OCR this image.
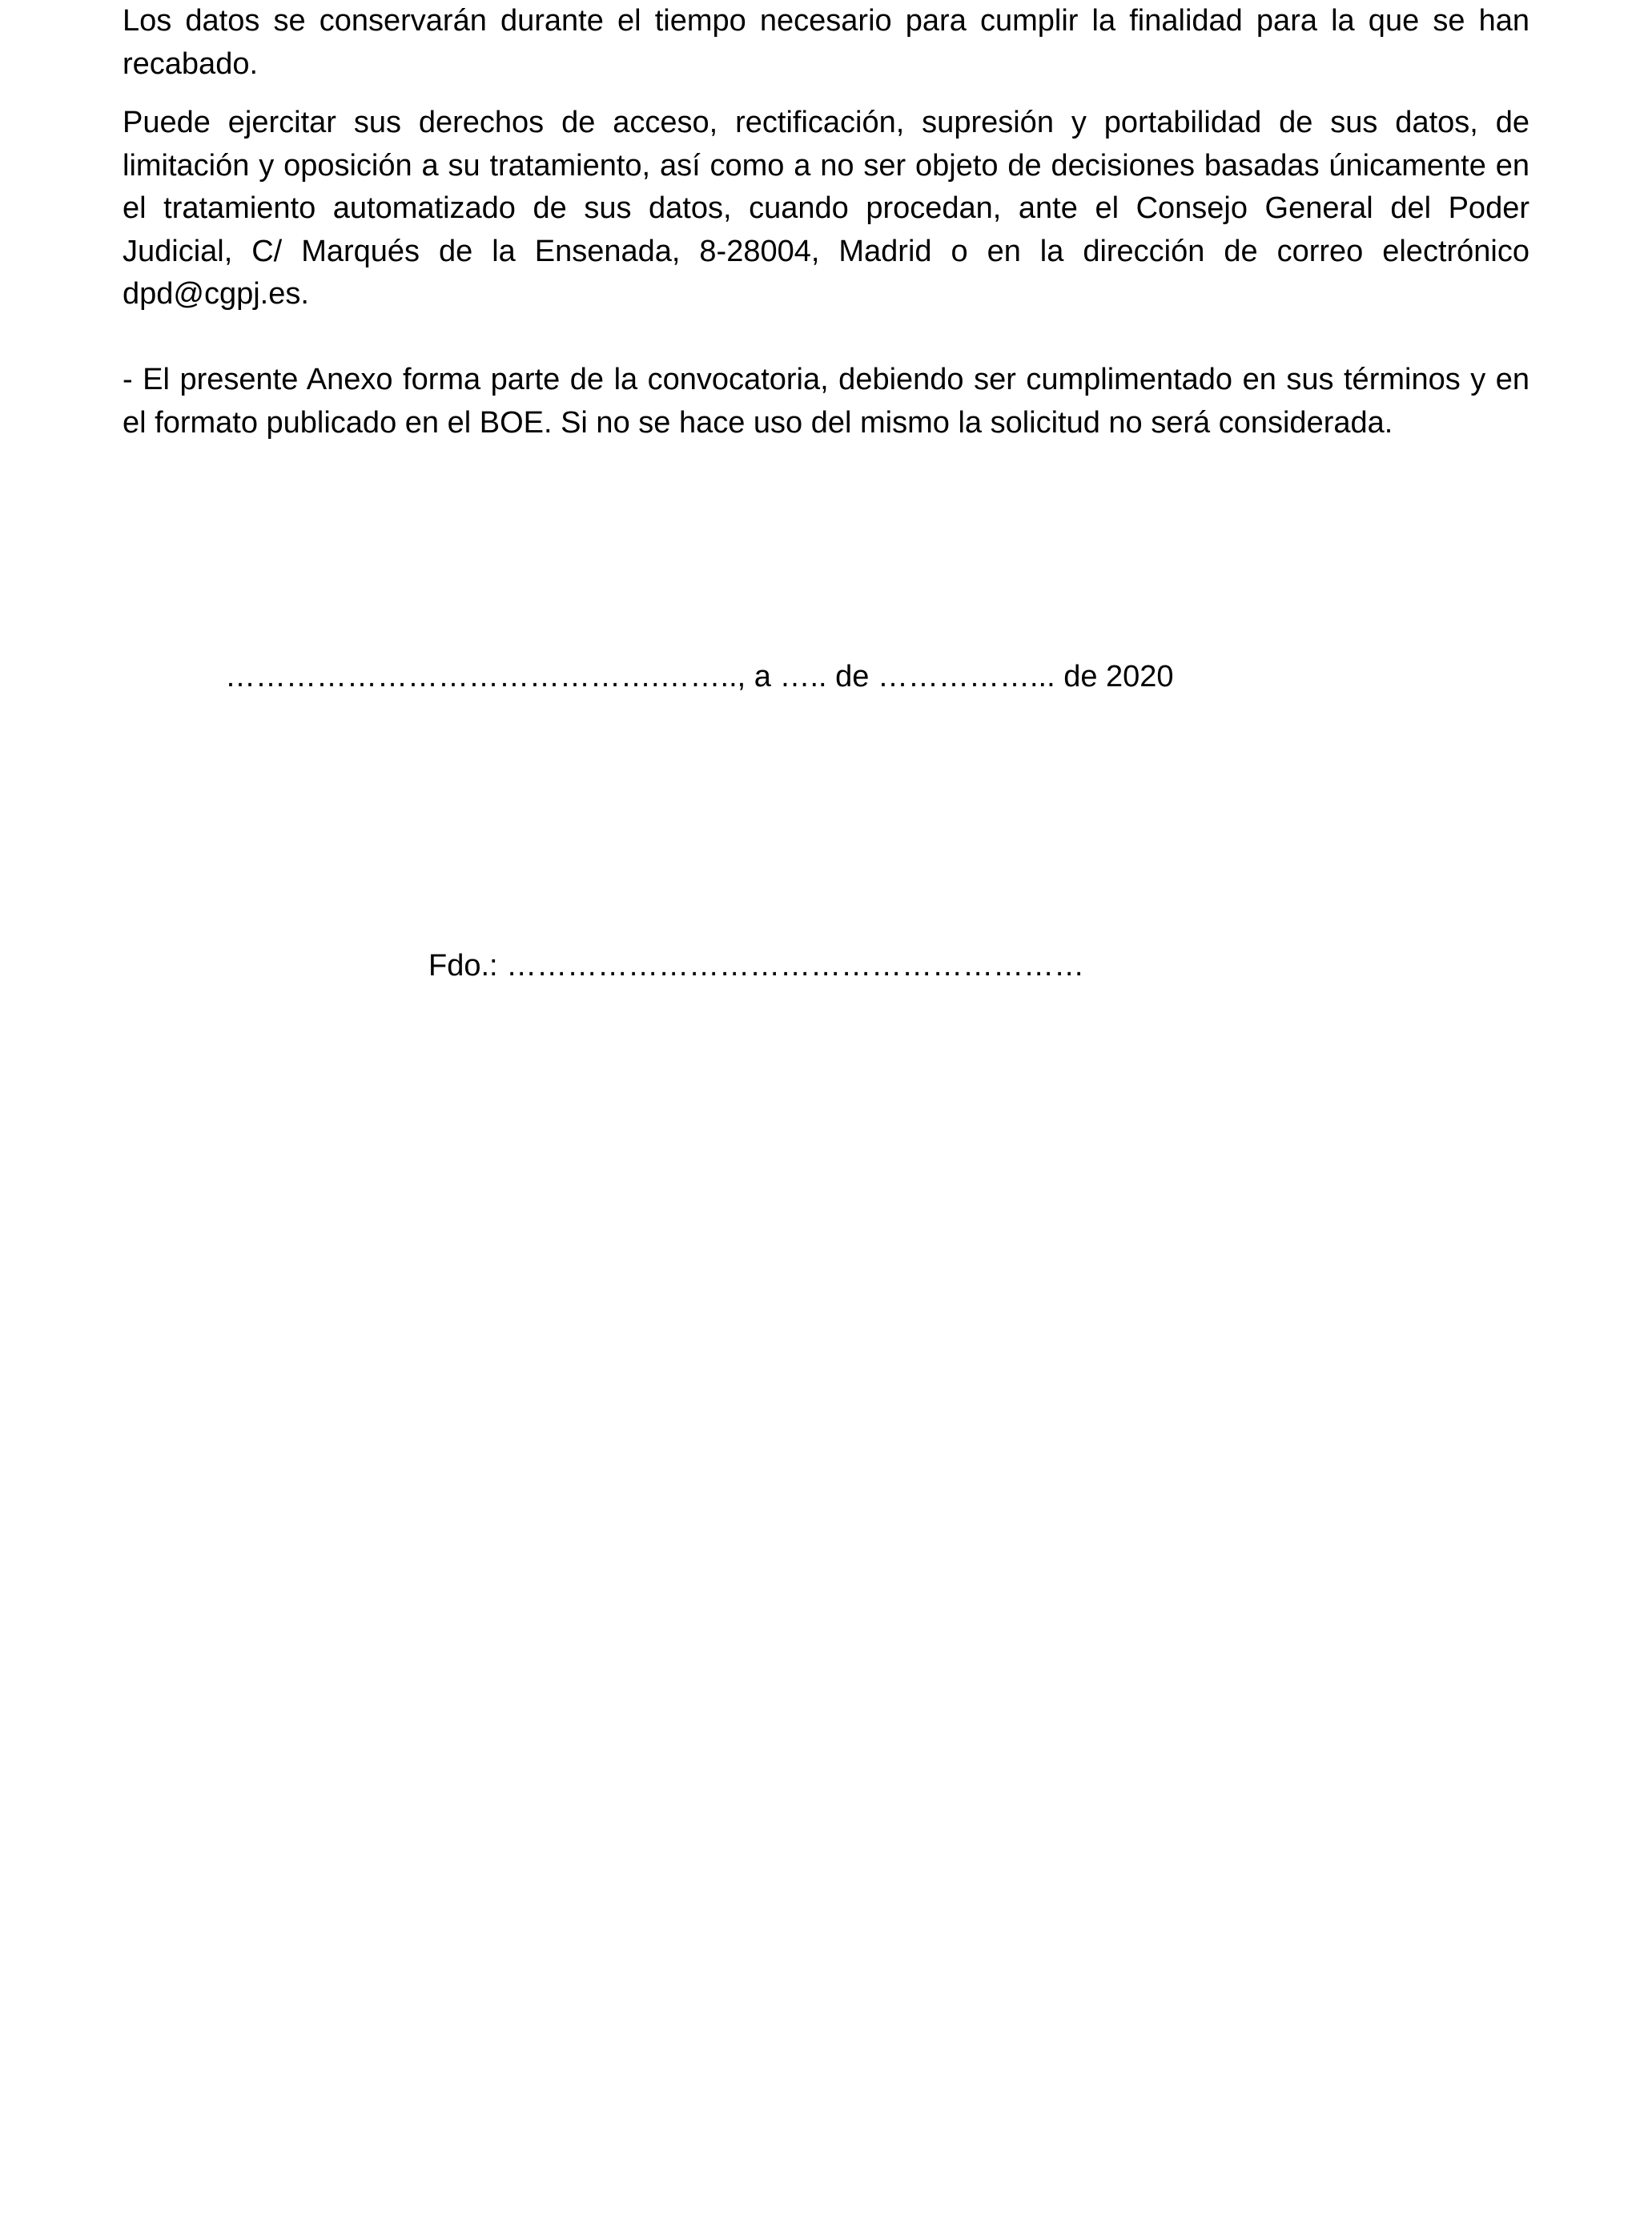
Los datos se conservarán durante el tiempo necesario para cumplir la finalidad para la que se han recabado.

Puede ejercitar sus derechos de acceso, rectificación, supresión y portabilidad de sus datos, de limitación y oposición a su tratamiento, así como a no ser objeto de decisiones basadas únicamente en el tratamiento automatizado de sus datos, cuando procedan, ante el Consejo General del Poder Judicial, C/ Marqués de la Ensenada, 8-28004, Madrid o en la dirección de correo electrónico dpd@cgpj.es.

- El presente Anexo forma parte de la convocatoria, debiendo ser cumplimentado en sus términos y en el formato publicado en el BOE. Si no se hace uso del mismo la solicitud no será considerada.

…………………………………….…….., a ….. de ……………... de 2020

Fdo.: …………………………………………………
